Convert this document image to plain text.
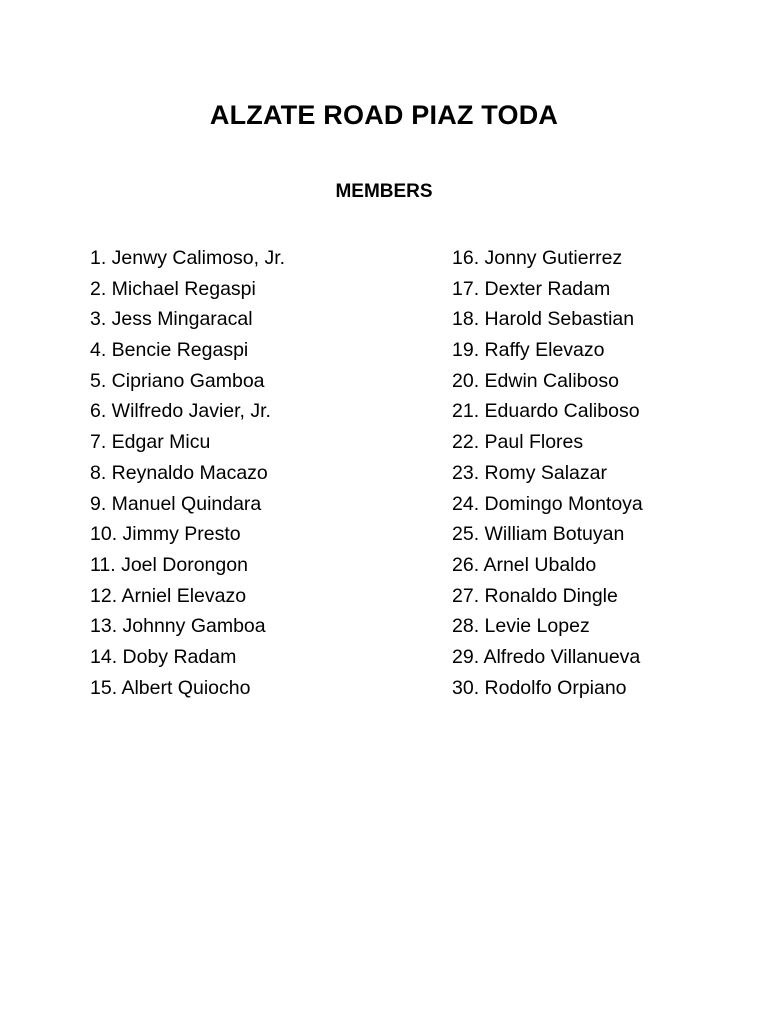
ALZATE ROAD PIAZ TODA
MEMBERS
1. Jenwy Calimoso, Jr.
2. Michael Regaspi
3. Jess Mingaracal
4. Bencie Regaspi
5. Cipriano Gamboa
6. Wilfredo Javier, Jr.
7. Edgar Micu
8. Reynaldo Macazo
9. Manuel Quindara
10. Jimmy Presto
11. Joel Dorongon
12. Arniel Elevazo
13. Johnny Gamboa
14. Doby Radam
15. Albert Quiocho
16. Jonny Gutierrez
17. Dexter Radam
18. Harold Sebastian
19. Raffy Elevazo
20. Edwin Caliboso
21. Eduardo Caliboso
22. Paul Flores
23. Romy Salazar
24. Domingo Montoya
25. William Botuyan
26. Arnel Ubaldo
27. Ronaldo Dingle
28. Levie Lopez
29. Alfredo Villanueva
30. Rodolfo Orpiano
